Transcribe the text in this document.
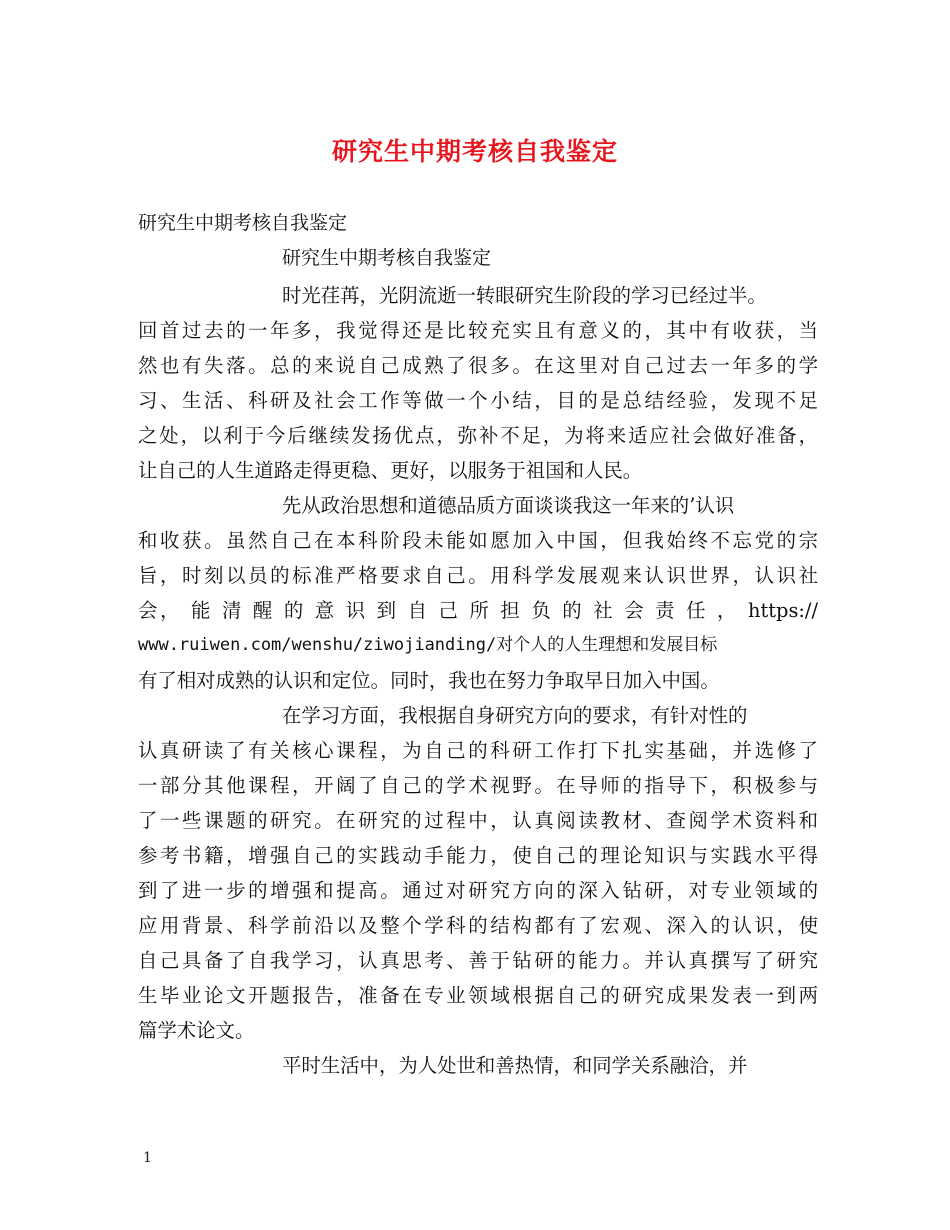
研究生中期考核自我鉴定
研究生中期考核自我鉴定
研究生中期考核自我鉴定
时光荏苒，光阴流逝一转眼研究生阶段的学习已经过半。
回首过去的一年多，我觉得还是比较充实且有意义的，其中有收获，当
然也有失落。总的来说自己成熟了很多。在这里对自己过去一年多的学
习、生活、科研及社会工作等做一个小结，目的是总结经验，发现不足
之处，以利于今后继续发扬优点，弥补不足，为将来适应社会做好准备，
让自己的人生道路走得更稳、更好，以服务于祖国和人民。
先从政治思想和道德品质方面谈谈我这一年来的’认识
和收获。虽然自己在本科阶段未能如愿加入中国，但我始终不忘党的宗
旨，时刻以员的标准严格要求自己。用科学发展观来认识世界，认识社
会， 能 清 醒 的 意 识 到 自 己 所 担 负 的 社 会 责 任 ， https://
www.ruiwen.com/wenshu/ziwojianding/对个人的人生理想和发展目标
有了相对成熟的认识和定位。同时，我也在努力争取早日加入中国。
在学习方面，我根据自身研究方向的要求，有针对性的
认真研读了有关核心课程，为自己的科研工作打下扎实基础，并选修了
一部分其他课程，开阔了自己的学术视野。在导师的指导下，积极参与
了一些课题的研究。在研究的过程中，认真阅读教材、查阅学术资料和
参考书籍，增强自己的实践动手能力，使自己的理论知识与实践水平得
到了进一步的增强和提高。通过对研究方向的深入钻研，对专业领域的
应用背景、科学前沿以及整个学科的结构都有了宏观、深入的认识，使
自己具备了自我学习，认真思考、善于钻研的能力。并认真撰写了研究
生毕业论文开题报告，准备在专业领域根据自己的研究成果发表一到两
篇学术论文。
平时生活中，为人处世和善热情，和同学关系融洽，并
1
